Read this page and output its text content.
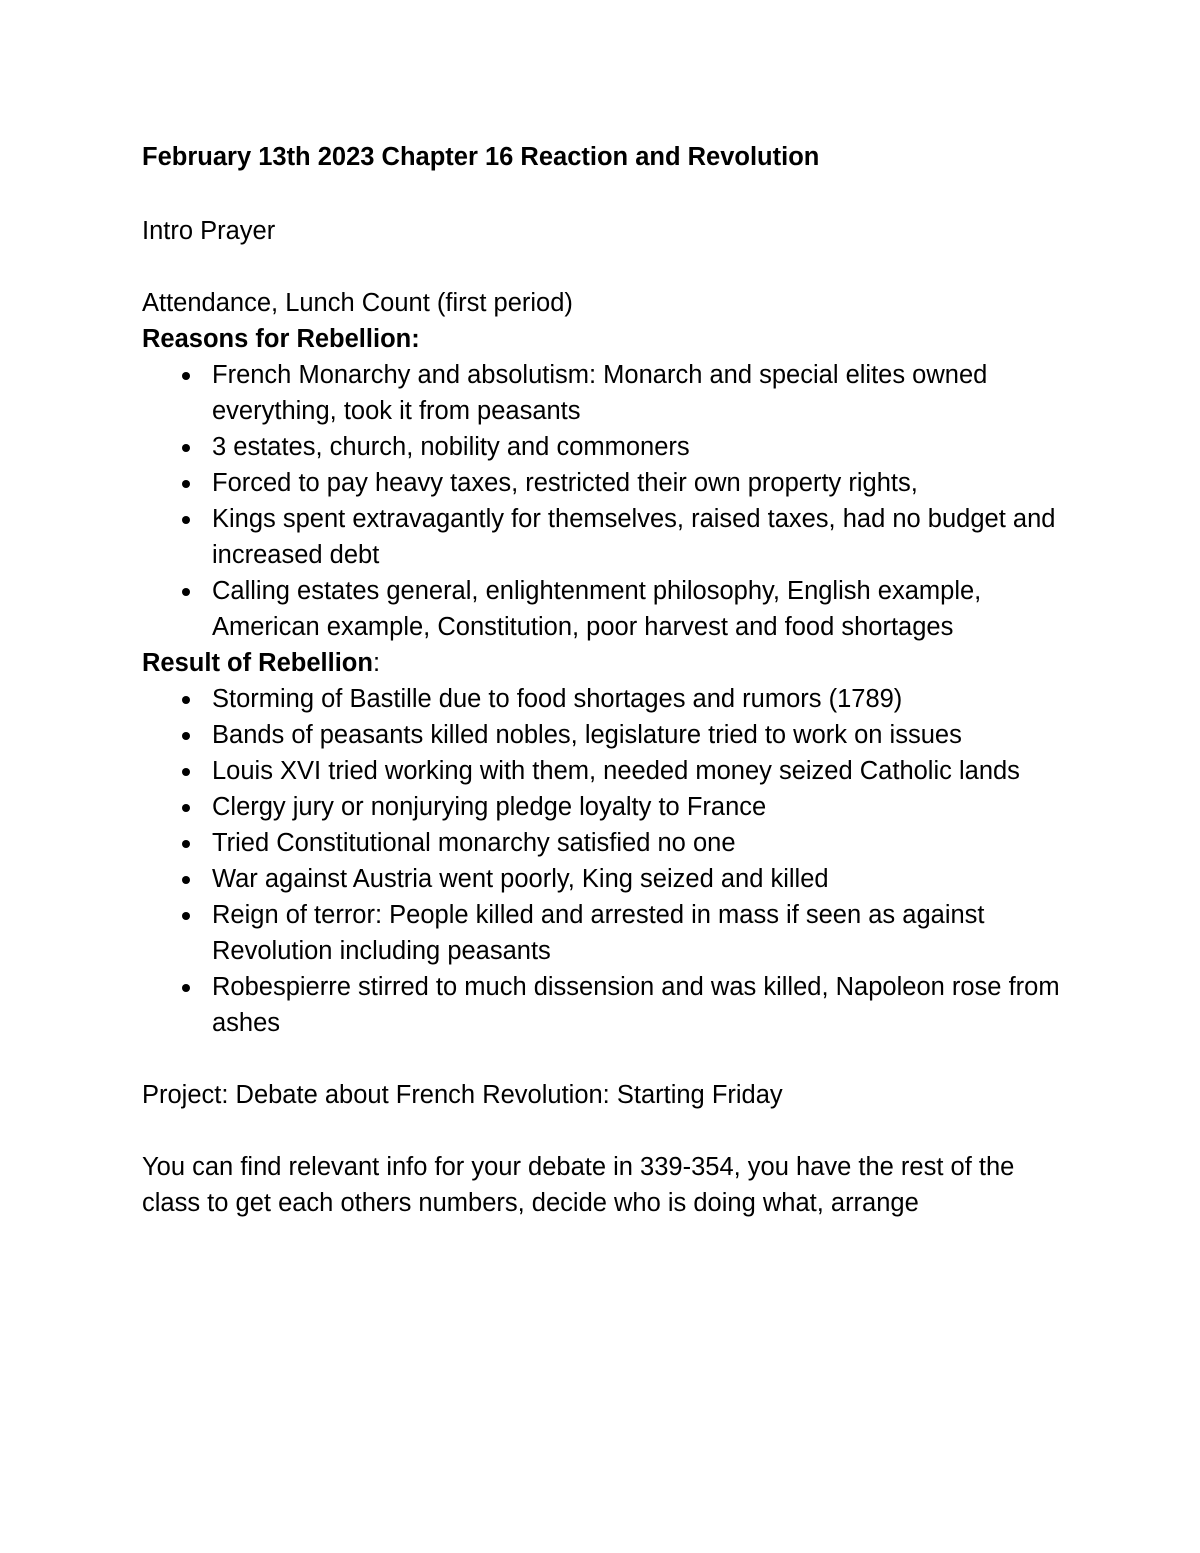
February 13th 2023 Chapter 16 Reaction and Revolution

Intro Prayer

Attendance, Lunch Count (first period)

Reasons for Rebellion:

French Monarchy and absolutism: Monarch and special elites owned everything, took it from peasants
3 estates, church, nobility and commoners
Forced to pay heavy taxes, restricted their own property rights,
Kings spent extravagantly for themselves, raised taxes, had no budget and increased debt
Calling estates general, enlightenment philosophy, English example, American example, Constitution, poor harvest and food shortages

Result of Rebellion:

Storming of Bastille due to food shortages and rumors (1789)
Bands of peasants killed nobles, legislature tried to work on issues
Louis XVI tried working with them, needed money seized Catholic lands
Clergy jury or nonjurying pledge loyalty to France
Tried Constitutional monarchy satisfied no one
War against Austria went poorly, King seized and killed
Reign of terror: People killed and arrested in mass if seen as against Revolution including peasants
Robespierre stirred to much dissension and was killed, Napoleon rose from ashes

Project: Debate about French Revolution: Starting Friday

You can find relevant info for your debate in 339-354, you have the rest of the class to get each others numbers, decide who is doing what, arrange
